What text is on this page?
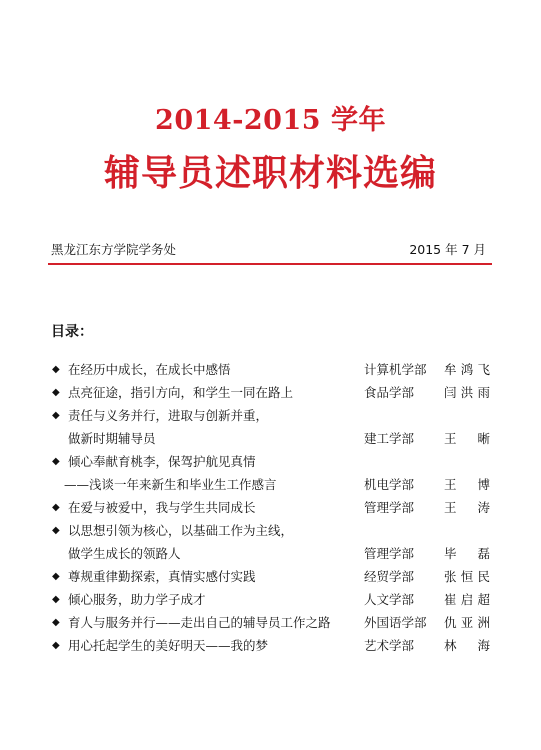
2014-2015 学年
辅导员述职材料选编
黑龙江东方学院学务处	2015 年 7 月
目录：
◆ 在经历中成长，在成长中感悟	计算机学部 牟鸿飞
◆ 点亮征途，指引方向，和学生一同在路上	食品学部 闫洪雨
◆ 责任与义务并行，进取与创新并重，
做新时期辅导员	建工学部 王晰
◆ 倾心奉献育桃李，保驾护航见真情
——浅谈一年来新生和毕业生工作感言	机电学部 王博
◆ 在爱与被爱中，我与学生共同成长	管理学部 王涛
◆ 以思想引领为核心，以基础工作为主线，
做学生成长的领路人	管理学部 毕磊
◆ 尊规重律勤探索，真情实感付实践	经贸学部 张恒民
◆ 倾心服务，助力学子成才	人文学部 崔启超
◆ 育人与服务并行——走出自己的辅导员工作之路	外国语学部 仇亚洲
◆ 用心托起学生的美好明天——我的梦	艺术学部 林海
